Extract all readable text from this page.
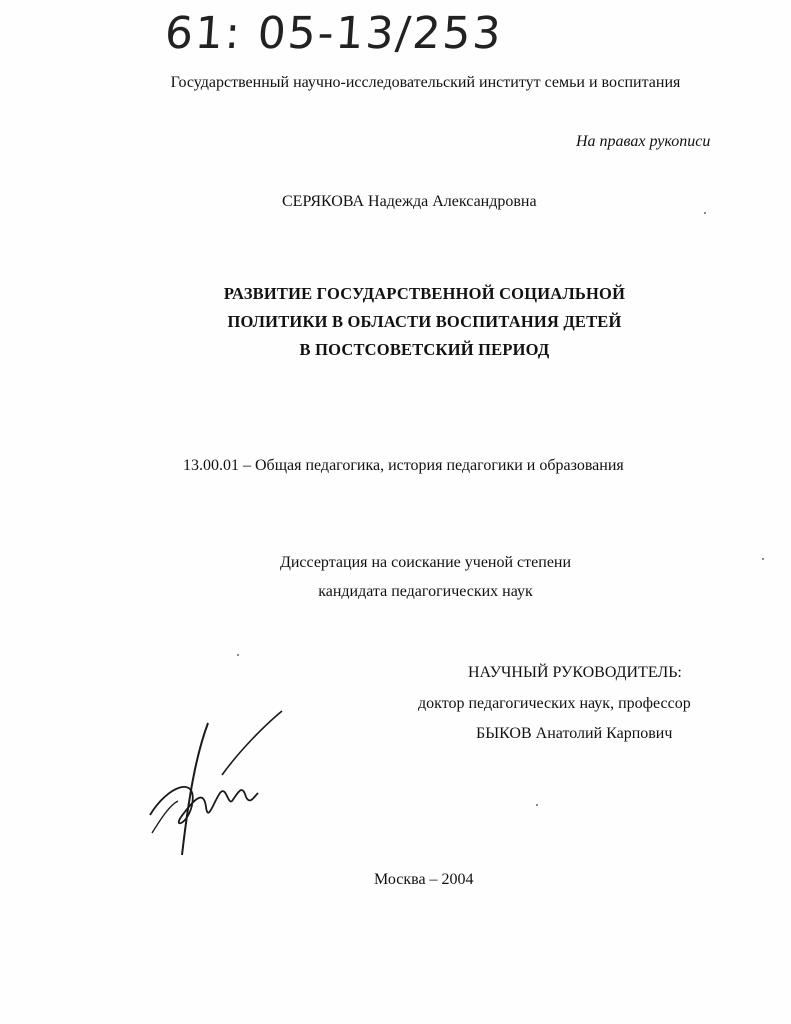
61: 05-13/253
Государственный научно-исследовательский институт семьи и воспитания
На правах рукописи
СЕРЯКОВА Надежда Александровна
РАЗВИТИЕ ГОСУДАРСТВЕННОЙ СОЦИАЛЬНОЙ
ПОЛИТИКИ В ОБЛАСТИ ВОСПИТАНИЯ ДЕТЕЙ
В ПОСТСОВЕТСКИЙ ПЕРИОД
13.00.01 – Общая педагогика, история педагогики и образования
Диссертация на соискание ученой степени
кандидата педагогических наук
НАУЧНЫЙ РУКОВОДИТЕЛЬ:
доктор педагогических наук, профессор
БЫКОВ Анатолий Карпович
Москва – 2004
